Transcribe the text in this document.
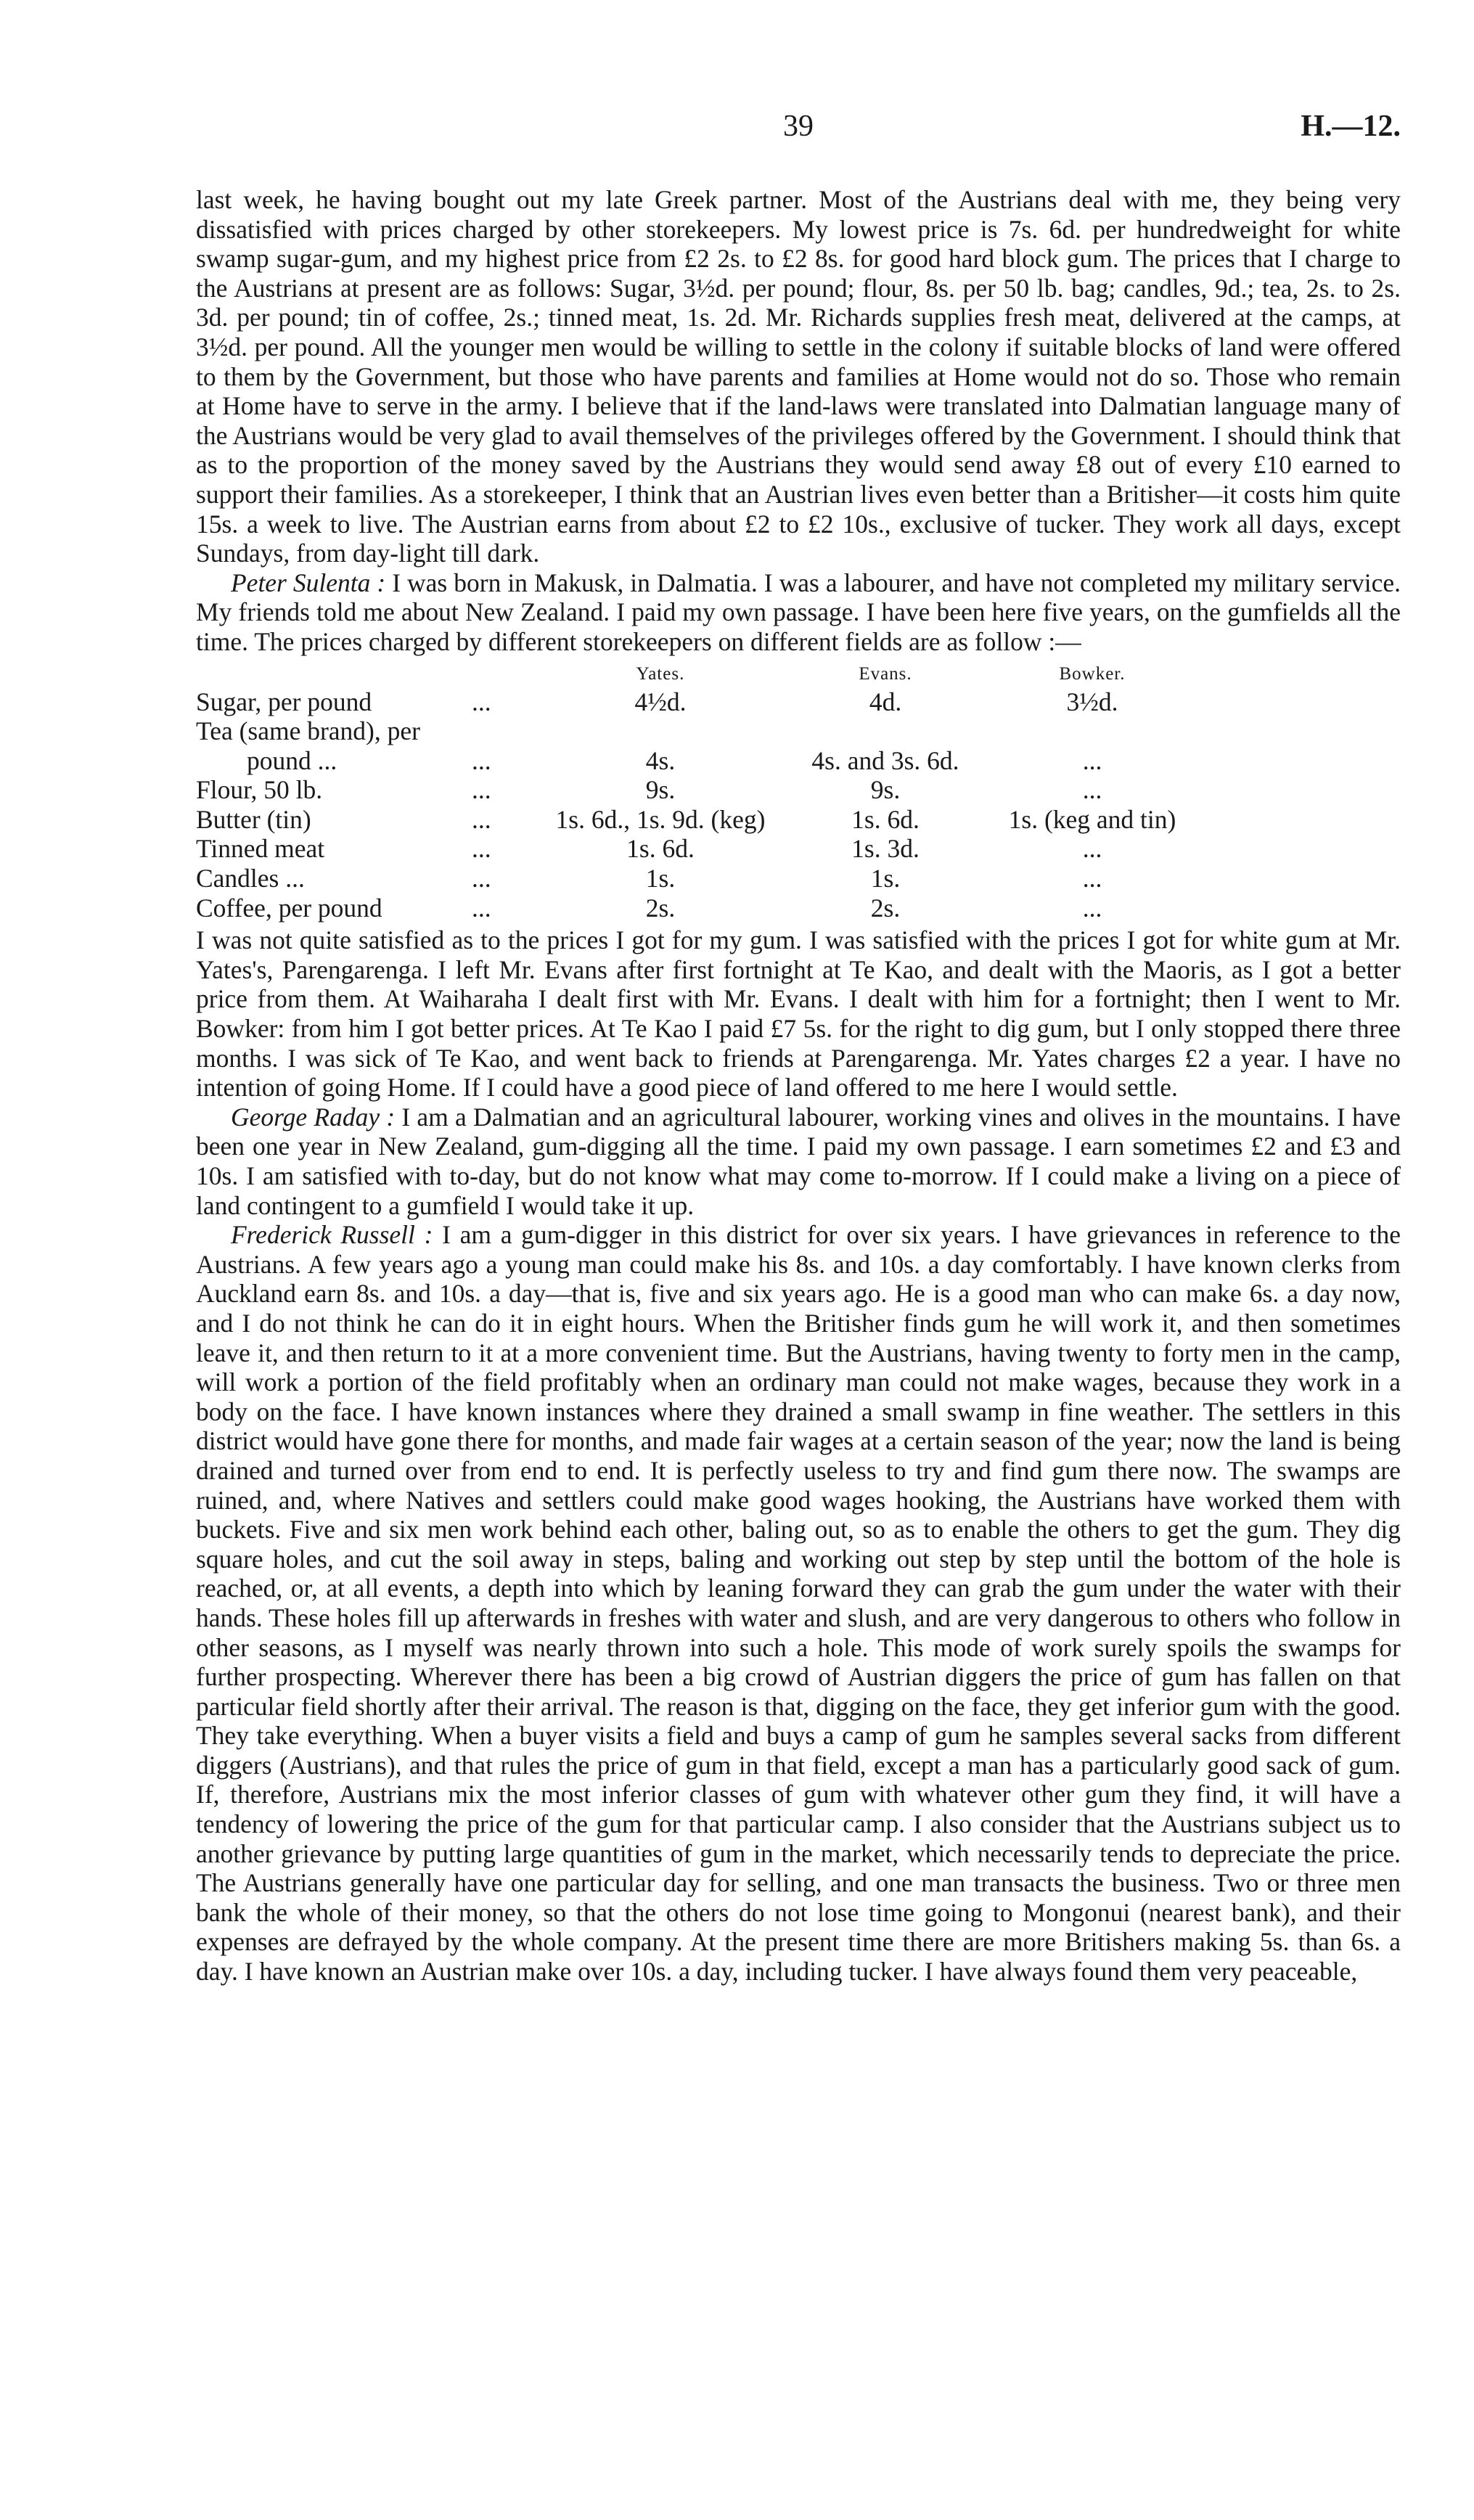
39	H.—12.

last week, he having bought out my late Greek partner. Most of the Austrians deal with me, they being very dissatisfied with prices charged by other storekeepers. My lowest price is 7s. 6d. per hundredweight for white swamp sugar-gum, and my highest price from £2 2s. to £2 8s. for good hard block gum. The prices that I charge to the Austrians at present are as follows: Sugar, 3½d. per pound; flour, 8s. per 50 lb. bag; candles, 9d.; tea, 2s. to 2s. 3d. per pound; tin of coffee, 2s.; tinned meat, 1s. 2d. Mr. Richards supplies fresh meat, delivered at the camps, at 3½d. per pound. All the younger men would be willing to settle in the colony if suitable blocks of land were offered to them by the Government, but those who have parents and families at Home would not do so. Those who remain at Home have to serve in the army. I believe that if the land-laws were translated into Dalmatian language many of the Austrians would be very glad to avail themselves of the privileges offered by the Government. I should think that as to the proportion of the money saved by the Austrians they would send away £8 out of every £10 earned to support their families. As a storekeeper, I think that an Austrian lives even better than a Britisher—it costs him quite 15s. a week to live. The Austrian earns from about £2 to £2 10s., exclusive of tucker. They work all days, except Sundays, from day-light till dark.

Peter Sulenta : I was born in Makusk, in Dalmatia. I was a labourer, and have not completed my military service. My friends told me about New Zealand. I paid my own passage. I have been here five years, on the gumfields all the time. The prices charged by different storekeepers on different fields are as follow :—

		Yates.	Evans.	Bowker.
Sugar, per pound	...	4½d.	4d.	3½d.
Tea (same brand), per				
pound ...	...	4s.	4s. and 3s. 6d.	...
Flour, 50 lb.	...	9s.	9s.	...
Butter (tin)	...	1s. 6d., 1s. 9d. (keg)	1s. 6d.	1s. (keg and tin)
Tinned meat	...	1s. 6d.	1s. 3d.	...
Candles ...	...	1s.	1s.	...
Coffee, per pound	...	2s.	2s.	...

I was not quite satisfied as to the prices I got for my gum. I was satisfied with the prices I got for white gum at Mr. Yates's, Parengarenga. I left Mr. Evans after first fortnight at Te Kao, and dealt with the Maoris, as I got a better price from them. At Waiharaha I dealt first with Mr. Evans. I dealt with him for a fortnight; then I went to Mr. Bowker: from him I got better prices. At Te Kao I paid £7 5s. for the right to dig gum, but I only stopped there three months. I was sick of Te Kao, and went back to friends at Parengarenga. Mr. Yates charges £2 a year. I have no intention of going Home. If I could have a good piece of land offered to me here I would settle.

George Raday : I am a Dalmatian and an agricultural labourer, working vines and olives in the mountains. I have been one year in New Zealand, gum-digging all the time. I paid my own passage. I earn sometimes £2 and £3 and 10s. I am satisfied with to-day, but do not know what may come to-morrow. If I could make a living on a piece of land contingent to a gumfield I would take it up.

Frederick Russell : I am a gum-digger in this district for over six years. I have grievances in reference to the Austrians. A few years ago a young man could make his 8s. and 10s. a day comfortably. I have known clerks from Auckland earn 8s. and 10s. a day—that is, five and six years ago. He is a good man who can make 6s. a day now, and I do not think he can do it in eight hours. When the Britisher finds gum he will work it, and then sometimes leave it, and then return to it at a more convenient time. But the Austrians, having twenty to forty men in the camp, will work a portion of the field profitably when an ordinary man could not make wages, because they work in a body on the face. I have known instances where they drained a small swamp in fine weather. The settlers in this district would have gone there for months, and made fair wages at a certain season of the year; now the land is being drained and turned over from end to end. It is perfectly useless to try and find gum there now. The swamps are ruined, and, where Natives and settlers could make good wages hooking, the Austrians have worked them with buckets. Five and six men work behind each other, baling out, so as to enable the others to get the gum. They dig square holes, and cut the soil away in steps, baling and working out step by step until the bottom of the hole is reached, or, at all events, a depth into which by leaning forward they can grab the gum under the water with their hands. These holes fill up afterwards in freshes with water and slush, and are very dangerous to others who follow in other seasons, as I myself was nearly thrown into such a hole. This mode of work surely spoils the swamps for further prospecting. Wherever there has been a big crowd of Austrian diggers the price of gum has fallen on that particular field shortly after their arrival. The reason is that, digging on the face, they get inferior gum with the good. They take everything. When a buyer visits a field and buys a camp of gum he samples several sacks from different diggers (Austrians), and that rules the price of gum in that field, except a man has a particularly good sack of gum. If, therefore, Austrians mix the most inferior classes of gum with whatever other gum they find, it will have a tendency of lowering the price of the gum for that particular camp. I also consider that the Austrians subject us to another grievance by putting large quantities of gum in the market, which necessarily tends to depreciate the price. The Austrians generally have one particular day for selling, and one man transacts the business. Two or three men bank the whole of their money, so that the others do not lose time going to Mongonui (nearest bank), and their expenses are defrayed by the whole company. At the present time there are more Britishers making 5s. than 6s. a day. I have known an Austrian make over 10s. a day, including tucker. I have always found them very peaceable,
